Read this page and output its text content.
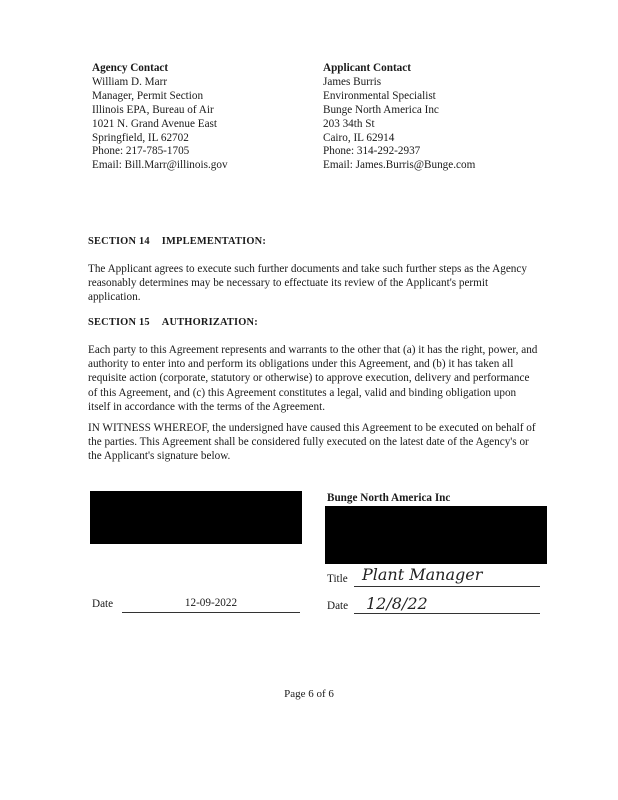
Agency Contact
William D. Marr
Manager, Permit Section
Illinois EPA, Bureau of Air
1021 N. Grand Avenue East
Springfield, IL 62702
Phone: 217-785-1705
Email: Bill.Marr@illinois.gov
Applicant Contact
James Burris
Environmental Specialist
Bunge North America Inc
203 34th St
Cairo, IL 62914
Phone: 314-292-2937
Email: James.Burris@Bunge.com
SECTION 14 IMPLEMENTATION:
The Applicant agrees to execute such further documents and take such further steps as the Agency reasonably determines may be necessary to effectuate its review of the Applicant's permit application.
SECTION 15 AUTHORIZATION:
Each party to this Agreement represents and warrants to the other that (a) it has the right, power, and authority to enter into and perform its obligations under this Agreement, and (b) it has taken all requisite action (corporate, statutory or otherwise) to approve execution, delivery and performance of this Agreement, and (c) this Agreement constitutes a legal, valid and binding obligation upon itself in accordance with the terms of the Agreement.
IN WITNESS WHEREOF, the undersigned have caused this Agreement to be executed on behalf of the parties. This Agreement shall be considered fully executed on the latest date of the Agency's or the Applicant's signature below.
Date	12-09-2022
Bunge North America Inc
Title Plant Manager
Date 12/8/22
Page 6 of 6
